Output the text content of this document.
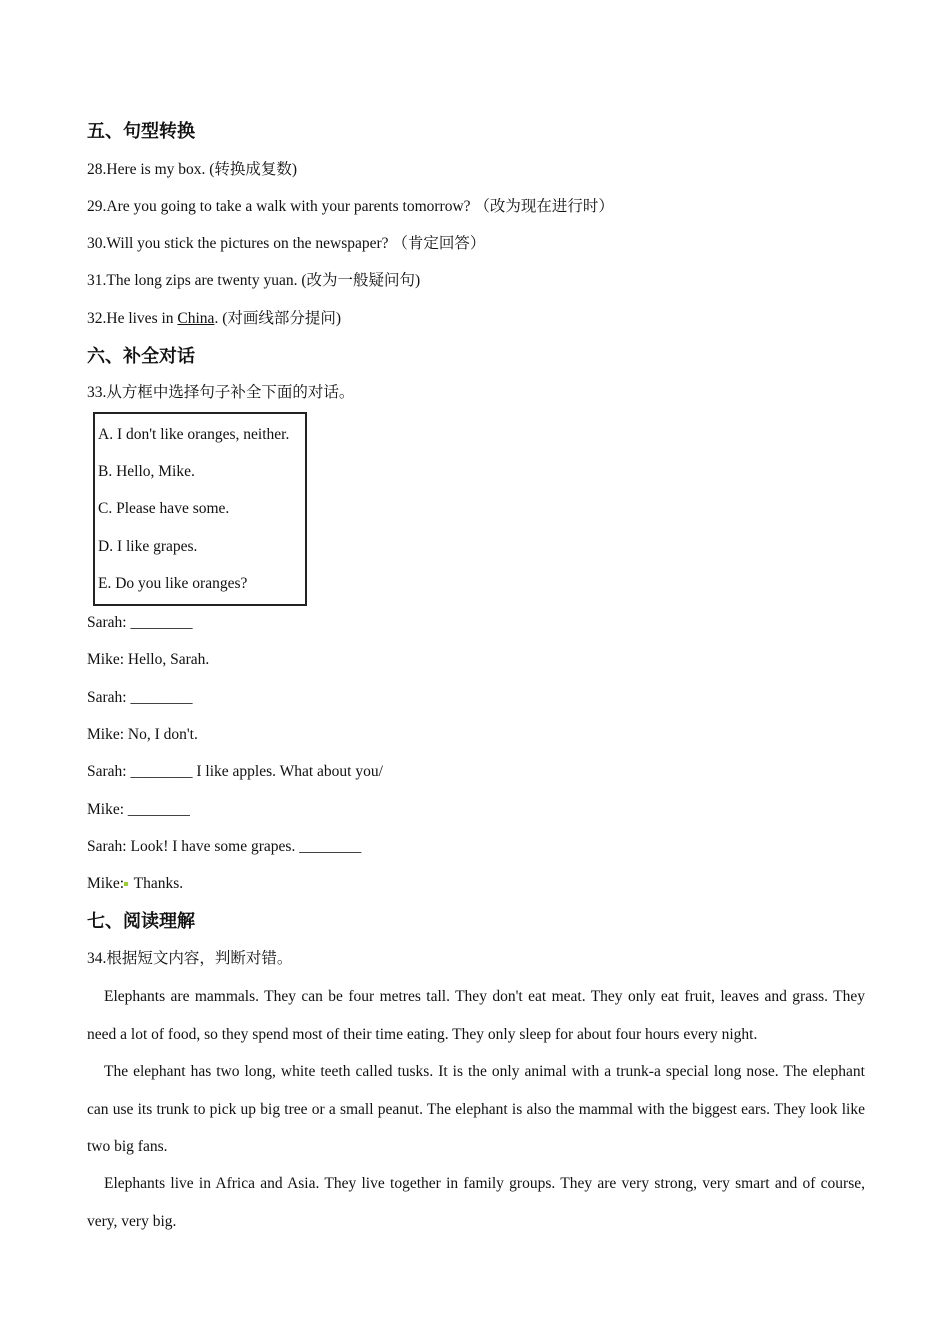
五、句型转换
28.Here is my box. (转换成复数)
29.Are you going to take a walk with your parents tomorrow? （改为现在进行时）
30.Will you stick the pictures on the newspaper? （肯定回答）
31.The long zips are twenty yuan. (改为一般疑问句)
32.He lives in China. (对画线部分提问)
六、补全对话
33.从方框中选择句子补全下面的对话。
A. I don't like oranges, neither.
B. Hello, Mike.
C. Please have some.
D. I like grapes.
E. Do you like oranges?
Sarah: ________
Mike: Hello, Sarah.
Sarah: ________
Mike: No, I don't.
Sarah: ________ I like apples. What about you/
Mike: ________
Sarah: Look! I have some grapes. ________
Mike: Thanks.
七、阅读理解
34.根据短文内容，判断对错。
Elephants are mammals. They can be four metres tall. They don't eat meat. They only eat fruit, leaves and grass. They need a lot of food, so they spend most of their time eating. They only sleep for about four hours every night.
The elephant has two long, white teeth called tusks. It is the only animal with a trunk-a special long nose. The elephant can use its trunk to pick up big tree or a small peanut. The elephant is also the mammal with the biggest ears. They look like two big fans.
Elephants live in Africa and Asia. They live together in family groups. They are very strong, very smart and of course, very, very big.
